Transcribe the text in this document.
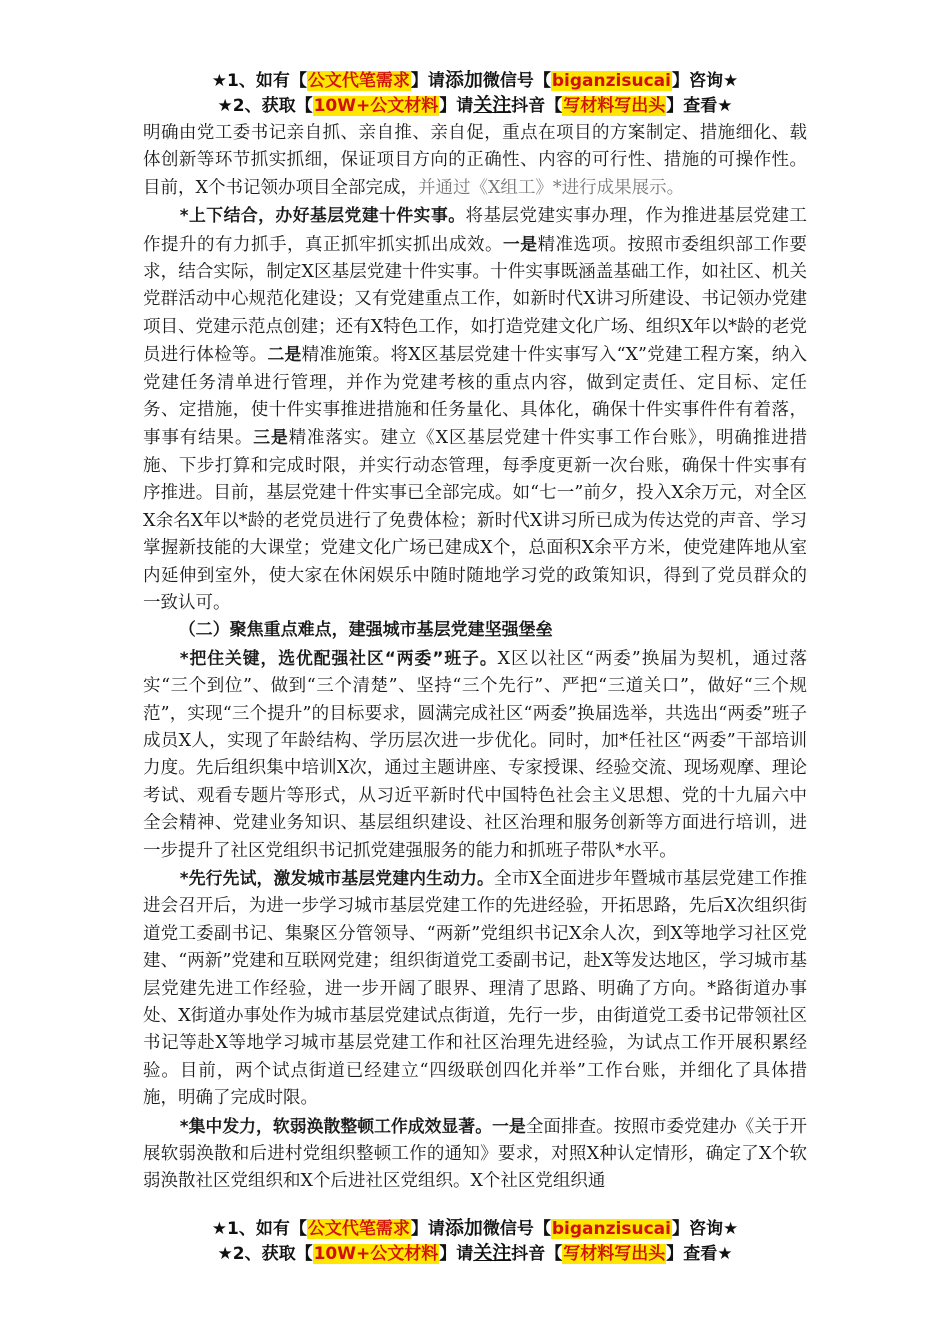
★1、如有【公文代笔需求】请添加微信号【biganzisucai】咨询★
★2、获取【10W+公文材料】请关注抖音【写材料写出头】查看★

明确由党工委书记亲自抓、亲自推、亲自促，重点在项目的方案制定、措施细化、载体创新等环节抓实抓细，保证项目方向的正确性、内容的可行性、措施的可操作性。目前，X个书记领办项目全部完成，并通过《X组工》*进行成果展示。

*上下结合，办好基层党建十件实事。将基层党建实事办理，作为推进基层党建工作提升的有力抓手，真正抓牢抓实抓出成效。一是精准选项。按照市委组织部工作要求，结合实际，制定X区基层党建十件实事。十件实事既涵盖基础工作，如社区、机关党群活动中心规范化建设；又有党建重点工作，如新时代X讲习所建设、书记领办党建项目、党建示范点创建；还有X特色工作，如打造党建文化广场、组织X年以*龄的老党员进行体检等。二是精准施策。将X区基层党建十件实事写入“X”党建工程方案，纳入党建任务清单进行管理，并作为党建考核的重点内容，做到定责任、定目标、定任务、定措施，使十件实事推进措施和任务量化、具体化，确保十件实事件件有着落，事事有结果。三是精准落实。建立《X区基层党建十件实事工作台账》，明确推进措施、下步打算和完成时限，并实行动态管理，每季度更新一次台账，确保十件实事有序推进。目前，基层党建十件实事已全部完成。如“七一”前夕，投入X余万元，对全区X余名X年以*龄的老党员进行了免费体检；新时代X讲习所已成为传达党的声音、学习掌握新技能的大课堂；党建文化广场已建成X个，总面积X余平方米，使党建阵地从室内延伸到室外，使大家在休闲娱乐中随时随地学习党的政策知识，得到了党员群众的一致认可。

（二）聚焦重点难点，建强城市基层党建坚强堡垒

*把住关键，选优配强社区“两委”班子。X区以社区“两委”换届为契机，通过落实“三个到位”、做到“三个清楚”、坚持“三个先行”、严把“三道关口”，做好“三个规范”，实现“三个提升”的目标要求，圆满完成社区“两委”换届选举，共选出“两委”班子成员X人，实现了年龄结构、学历层次进一步优化。同时，加*任社区“两委”干部培训力度。先后组织集中培训X次，通过主题讲座、专家授课、经验交流、现场观摩、理论考试、观看专题片等形式，从习近平新时代中国特色社会主义思想、党的十九届六中全会精神、党建业务知识、基层组织建设、社区治理和服务创新等方面进行培训，进一步提升了社区党组织书记抓党建强服务的能力和抓班子带队*水平。

*先行先试，激发城市基层党建内生动力。全市X全面进步年暨城市基层党建工作推进会召开后，为进一步学习城市基层党建工作的先进经验，开拓思路，先后X次组织街道党工委副书记、集聚区分管领导、“两新”党组织书记X余人次，到X等地学习社区党建、“两新”党建和互联网党建；组织街道党工委副书记，赴X等发达地区，学习城市基层党建先进工作经验，进一步开阔了眼界、理清了思路、明确了方向。*路街道办事处、X街道办事处作为城市基层党建试点街道，先行一步，由街道党工委书记带领社区书记等赴X等地学习城市基层党建工作和社区治理先进经验，为试点工作开展积累经验。目前，两个试点街道已经建立“四级联创四化并举”工作台账，并细化了具体措施，明确了完成时限。

*集中发力，软弱涣散整顿工作成效显著。一是全面排查。按照市委党建办《关于开展软弱涣散和后进村党组织整顿工作的通知》要求，对照X种认定情形，确定了X个软弱涣散社区党组织和X个后进社区党组织。X个社区党组织通

★1、如有【公文代笔需求】请添加微信号【biganzisucai】咨询★
★2、获取【10W+公文材料】请关注抖音【写材料写出头】查看★
